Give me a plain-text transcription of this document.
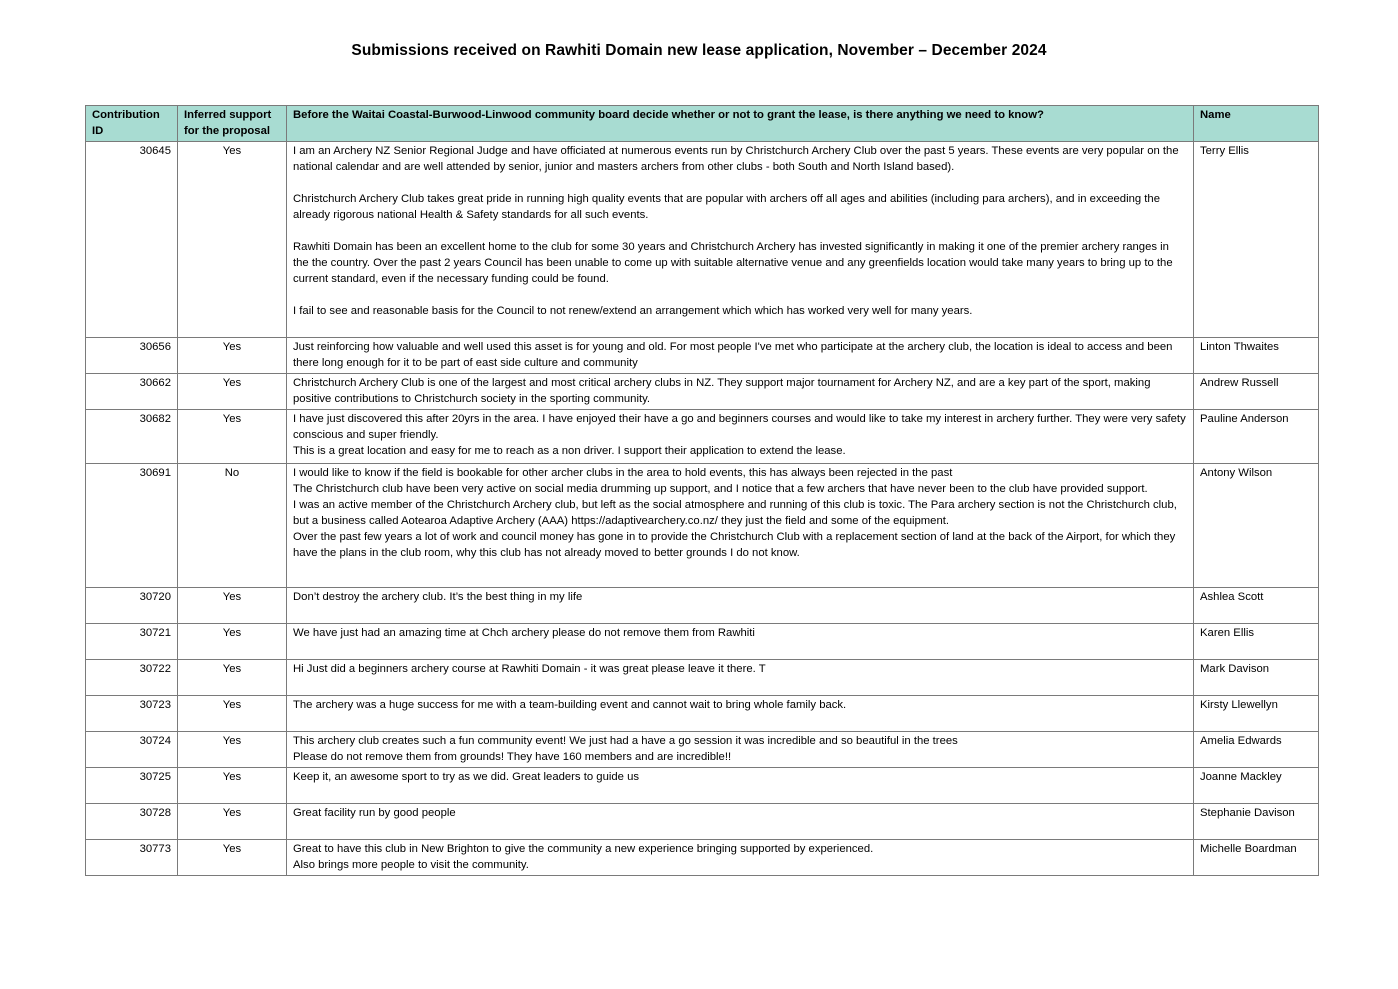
Submissions received on Rawhiti Domain new lease application, November – December 2024
Contribution ID	Inferred support for the proposal	Before the Waitai Coastal-Burwood-Linwood community board decide whether or not to grant the lease, is there anything we need to know?	Name
30645	Yes	I am an Archery NZ Senior Regional Judge and have officiated at numerous events run by Christchurch Archery Club over the past 5 years. These events are very popular on the national calendar and are well attended by senior, junior and masters archers from other clubs - both South and North Island based).

Christchurch Archery Club takes great pride in running high quality events that are popular with archers off all ages and abilities (including para archers), and in exceeding the already rigorous national Health & Safety standards for all such events.

Rawhiti Domain has been an excellent home to the club for some 30 years and Christchurch Archery has invested significantly in making it one of the premier archery ranges in the the country. Over the past 2 years Council has been unable to come up with suitable alternative venue and any greenfields location would take many years to bring up to the current standard, even if the necessary funding could be found.

I fail to see and reasonable basis for the Council to not renew/extend an arrangement which which has worked very well for many years.	Terry Ellis
30656	Yes	Just reinforcing how valuable and well used this asset is for young and old. For most people I've met who participate at the archery club, the location is ideal to access and been there long enough for it to be part of east side culture and community	Linton Thwaites
30662	Yes	Christchurch Archery Club is one of the largest and most critical archery clubs in NZ. They support major tournament for Archery NZ, and are a key part of the sport, making positive contributions to Christchurch society in the sporting community.	Andrew Russell
30682	Yes	I have just discovered this after 20yrs in the area. I have enjoyed their have a go and beginners courses and would like to take my interest in archery further. They were very safety conscious and super friendly.

This is a great location and easy for me to reach as a non driver. I support their application to extend the lease.	Pauline Anderson
30691	No	I would like to know if the field is bookable for other archer clubs in the area to hold events, this has always been rejected in the past

The Christchurch club have been very active on social media drumming up support, and I notice that a few archers that have never been to the club have provided support.

I was an active member of the Christchurch Archery club, but left as the social atmosphere and running of this club is toxic. The Para archery section is not the Christchurch club, but a business called Aotearoa Adaptive Archery (AAA) https://adaptivearchery.co.nz/ they just the field and some of the equipment.

Over the past few years a lot of work and council money has gone in to provide the Christchurch Club with a replacement section of land at the back of the Airport, for which they have the plans in the club room, why this club has not already moved to better grounds I do not know.	Antony Wilson
30720	Yes	Don’t destroy the archery club. It’s the best thing in my life	Ashlea Scott
30721	Yes	We have just had an amazing time at Chch archery please do not remove them from Rawhiti	Karen Ellis
30722	Yes	Hi Just did a beginners archery course at Rawhiti Domain - it was great please leave it there. T	Mark Davison
30723	Yes	The archery was a huge success for me with a team-building event and cannot wait to bring whole family back.	Kirsty Llewellyn
30724	Yes	This archery club creates such a fun community event! We just had a have a go session it was incredible and so beautiful in the trees

Please do not remove them from grounds! They have 160 members and are incredible!!	Amelia Edwards
30725	Yes	Keep it, an awesome sport to try as we did. Great leaders to guide us	Joanne Mackley
30728	Yes	Great facility run by good people	Stephanie Davison
30773	Yes	Great to have this club in New Brighton to give the community a new experience bringing supported by experienced.

Also brings more people to visit the community.	Michelle Boardman
